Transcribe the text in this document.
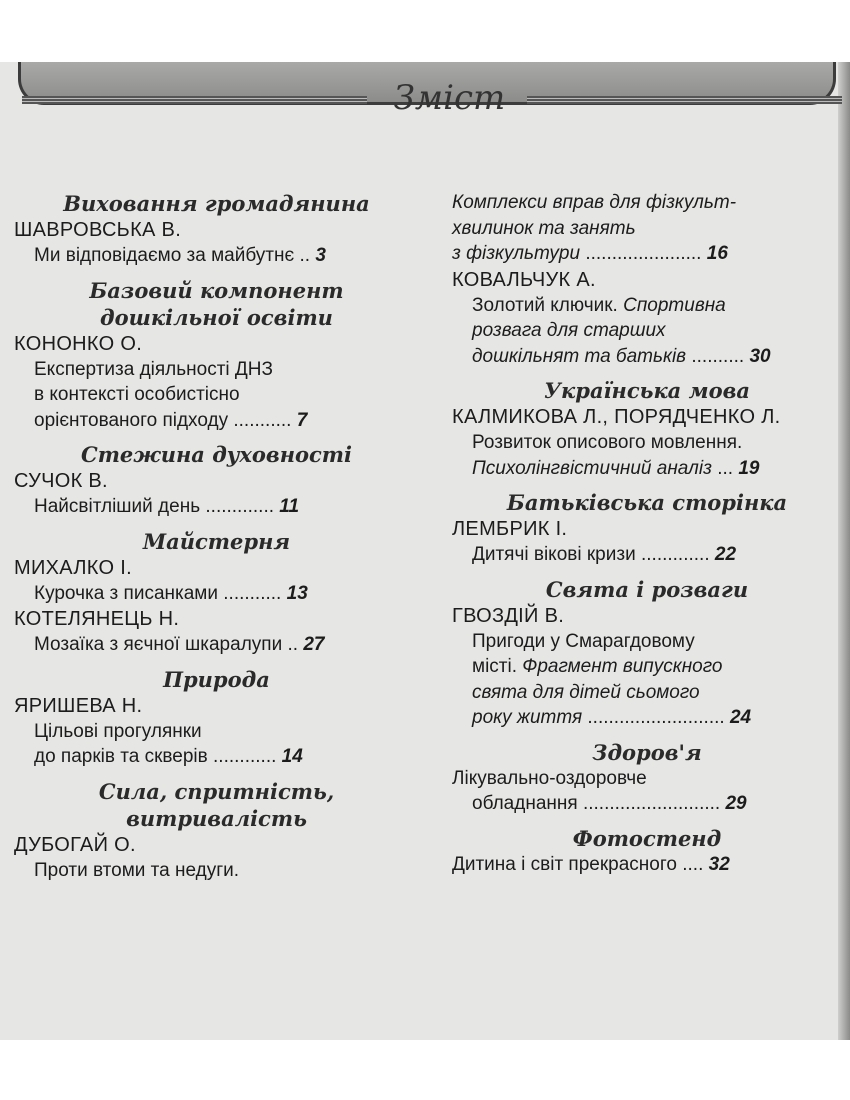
Зміст
Виховання громадянина
ШАВРОВСЬКА В.
Ми відповідаємо за майбутнє .. 3
Базовий компонент
дошкільної освіти
КОНОНКО О.
Експертиза діяльності ДНЗ
в контексті особистісно
орієнтованого підходу ........... 7
Стежина духовності
СУЧОК В.
Найсвітліший день ............. 11
Майстерня
МИХАЛКО І.
Курочка з писанками ........... 13
КОТЕЛЯНЕЦЬ Н.
Мозаїка з яєчної шкаралупи .. 27
Природа
ЯРИШЕВА Н.
Цільові прогулянки
до парків та скверів ............ 14
Сила, спритність,
витривалість
ДУБОГАЙ О.
Проти втоми та недуги.
Комплекси вправ для фізкульт-
хвилинок та занять
з фізкультури ...................... 16
КОВАЛЬЧУК А.
Золотий ключик. Спортивна
розвага для старших
дошкільнят та батьків .......... 30
Українська мова
КАЛМИКОВА Л., ПОРЯДЧЕНКО Л.
Розвиток описового мовлення.
Психолінгвістичний аналіз ... 19
Батьківська сторінка
ЛЕМБРИК І.
Дитячі вікові кризи ............. 22
Свята і розваги
ГВОЗДІЙ В.
Пригоди у Смарагдовому
місті. Фрагмент випускного
свята для дітей сьомого
року життя .......................... 24
Здоров'я
Лікувально-оздоровче
обладнання .......................... 29
Фотостенд
Дитина і світ прекрасного .... 32
